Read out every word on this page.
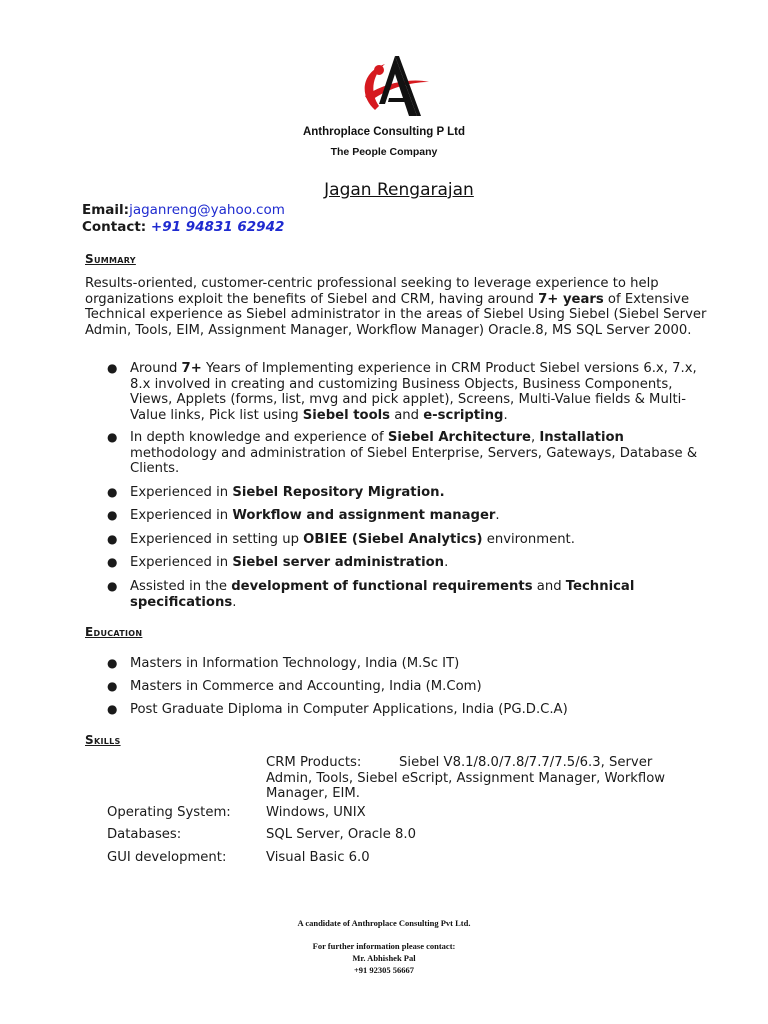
Anthroplace Consulting P Ltd
The People Company
Jagan Rengarajan
Email:jaganreng@yahoo.com
Contact: +91 94831 62942
Summary
Results-oriented, customer-centric professional seeking to leverage experience to help organizations exploit the benefits of Siebel and CRM, having around 7+ years of Extensive Technical experience as Siebel administrator in the areas of Siebel Using Siebel (Siebel Server Admin, Tools, EIM, Assignment Manager, Workflow Manager) Oracle.8, MS SQL Server 2000.
● Around 7+ Years of Implementing experience in CRM Product Siebel versions 6.x, 7.x, 8.x involved in creating and customizing Business Objects, Business Components, Views, Applets (forms, list, mvg and pick applet), Screens, Multi-Value fields & Multi-Value links, Pick list using Siebel tools and e-scripting.
● In depth knowledge and experience of Siebel Architecture, Installation methodology and administration of Siebel Enterprise, Servers, Gateways, Database & Clients.
● Experienced in Siebel Repository Migration.
● Experienced in Workflow and assignment manager.
● Experienced in setting up OBIEE (Siebel Analytics) environment.
● Experienced in Siebel server administration.
● Assisted in the development of functional requirements and Technical specifications.
Education
● Masters in Information Technology, India (M.Sc IT)
● Masters in Commerce and Accounting, India (M.Com)
● Post Graduate Diploma in Computer Applications, India (PG.D.C.A)
Skills
CRM Products:         Siebel V8.1/8.0/7.8/7.7/7.5/6.3, Server Admin, Tools, Siebel eScript, Assignment Manager, Workflow Manager, EIM.
Operating System:	Windows, UNIX
Databases:	SQL Server, Oracle 8.0
GUI development:	Visual Basic 6.0
A candidate of Anthroplace Consulting Pvt Ltd.
For further information please contact:
Mr. Abhishek Pal
+91 92305 56667
